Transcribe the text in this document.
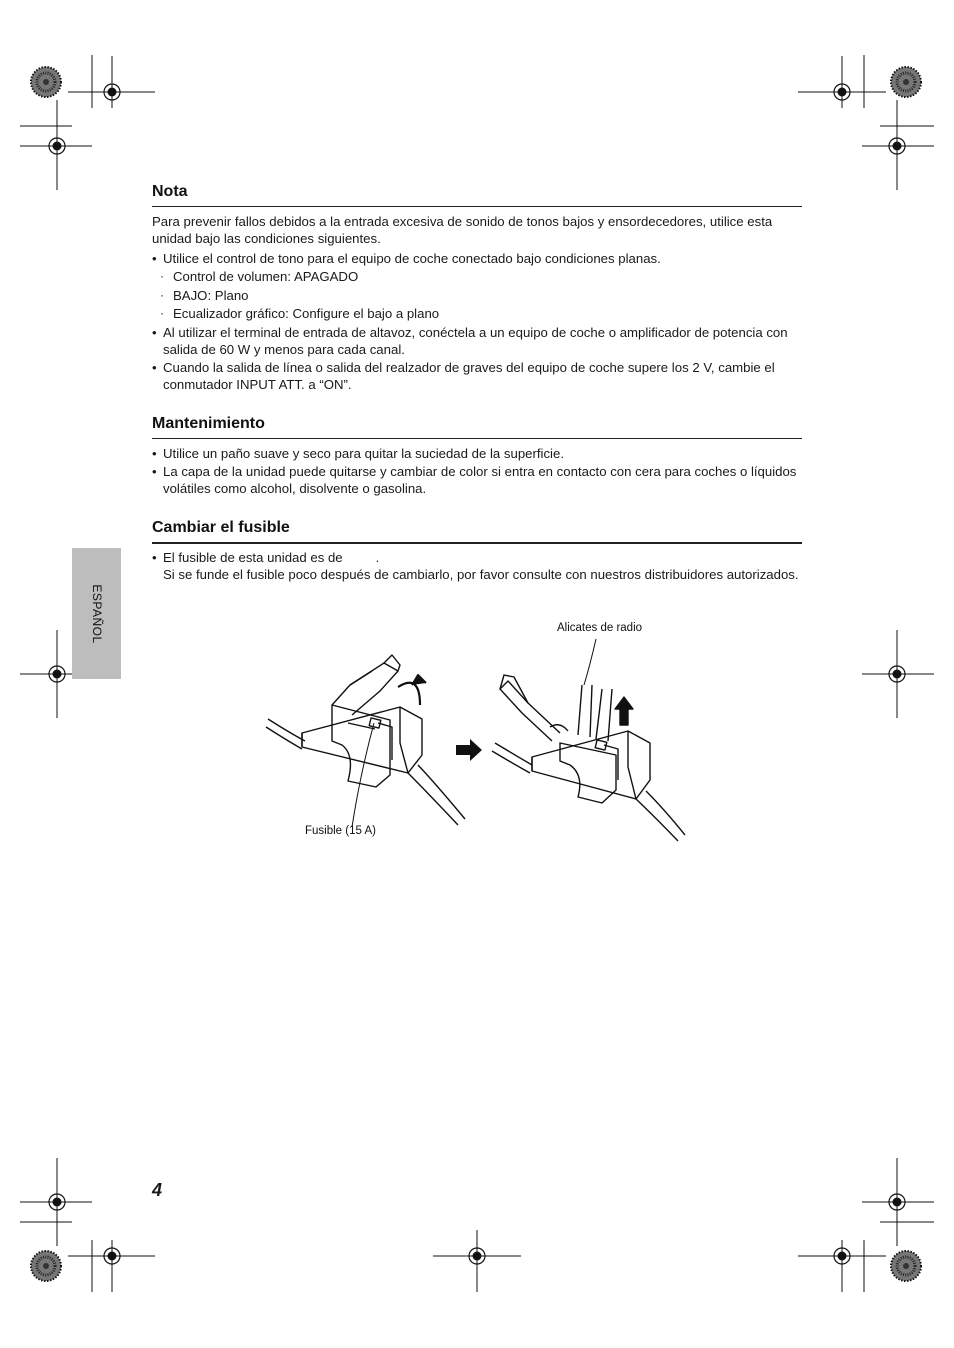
ESPAÑOL
Nota

Para prevenir fallos debidos a la entrada excesiva de sonido de tonos bajos y ensordecedores, utilice esta unidad bajo las condiciones siguientes.

• Utilice el control de tono para el equipo de coche conectado bajo condiciones planas.
· Control de volumen: APAGADO
· BAJO: Plano
· Ecualizador gráfico: Configure el bajo a plano
• Al utilizar el terminal de entrada de altavoz, conéctela a un equipo de coche o amplificador de potencia con salida de 60 W y menos para cada canal.
• Cuando la salida de línea o salida del realzador de graves del equipo de coche supere los 2 V, cambie el conmutador INPUT ATT. a “ON”.
Mantenimiento
• Utilice un paño suave y seco para quitar la suciedad de la superficie.
• La capa de la unidad puede quitarse y cambiar de color si entra en contacto con cera para coches o líquidos volátiles como alcohol, disolvente o gasolina.
Cambiar el fusible
• El fusible de esta unidad es de         .
Si se funde el fusible poco después de cambiarlo, por favor consulte con nuestros distribuidores autorizados.
Alicates de radio
Fusible (15 A)
4
